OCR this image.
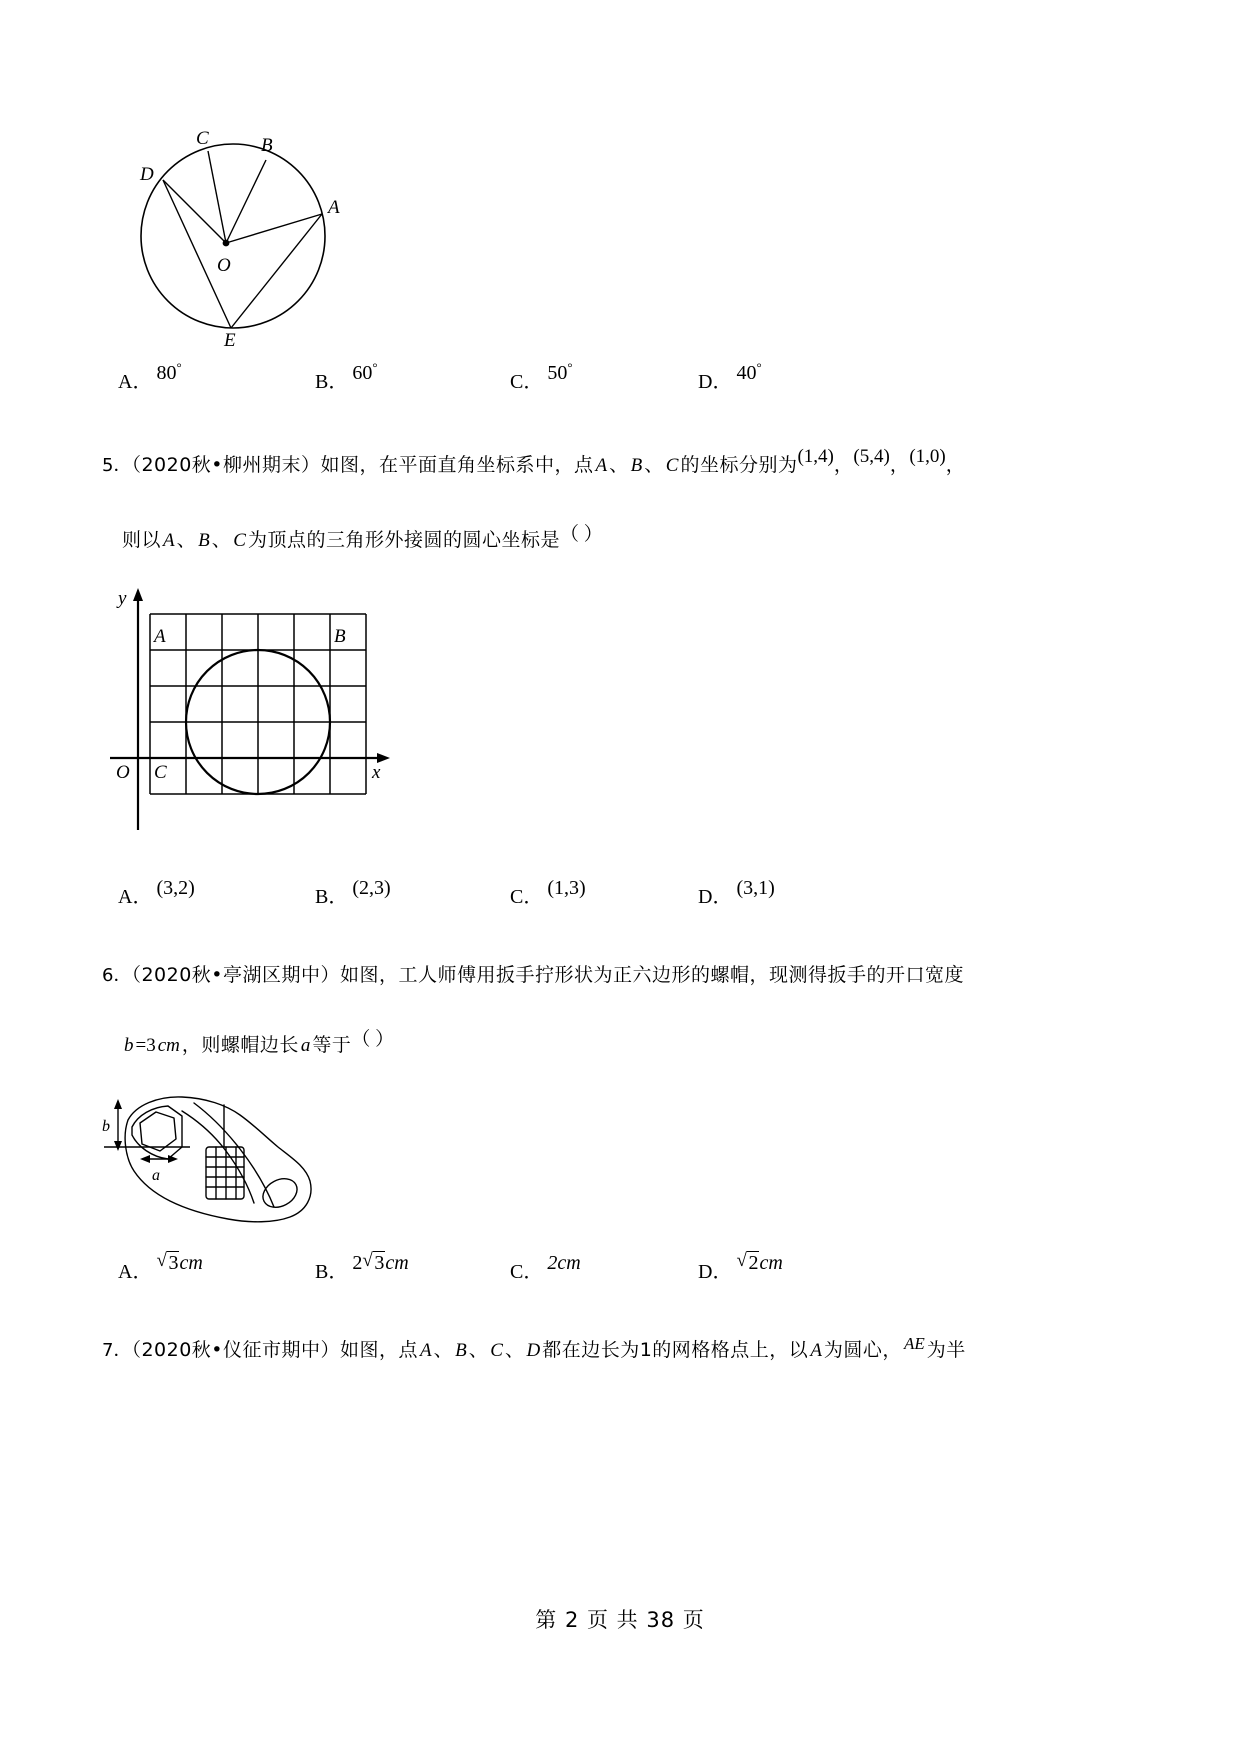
C	B
D
A
O
E
A． 80°
B． 60°
C． 50°
D． 40°
5．（2020秋•柳州期末）如图，在平面直角坐标系中，点 A 、 B 、 C 的坐标分别为(1,4)，(5,4)，(1,0)，
则以 A 、 B 、 C 为顶点的三角形外接圆的圆心坐标是（ ）
y
x
O C
A	B
A． (3,2)	B． (2,3)	C． (1,3)	D． (3,1)
6．（2020秋•亭湖区期中）如图，工人师傅用扳手拧形状为正六边形的螺帽，现测得扳手的开口宽度
b =3 cm ，则螺帽边长 a 等于（ ）
b
a
A． √ 3cm	B． 2 √ 3cm	C． 2cm	D． √ 2cm
7．（2020秋•仪征市期中）如图，点 A 、 B 、 C 、 D 都在边长为1的网格格点上，以 A 为圆心， AE 为半
第 2 页 共 38 页
